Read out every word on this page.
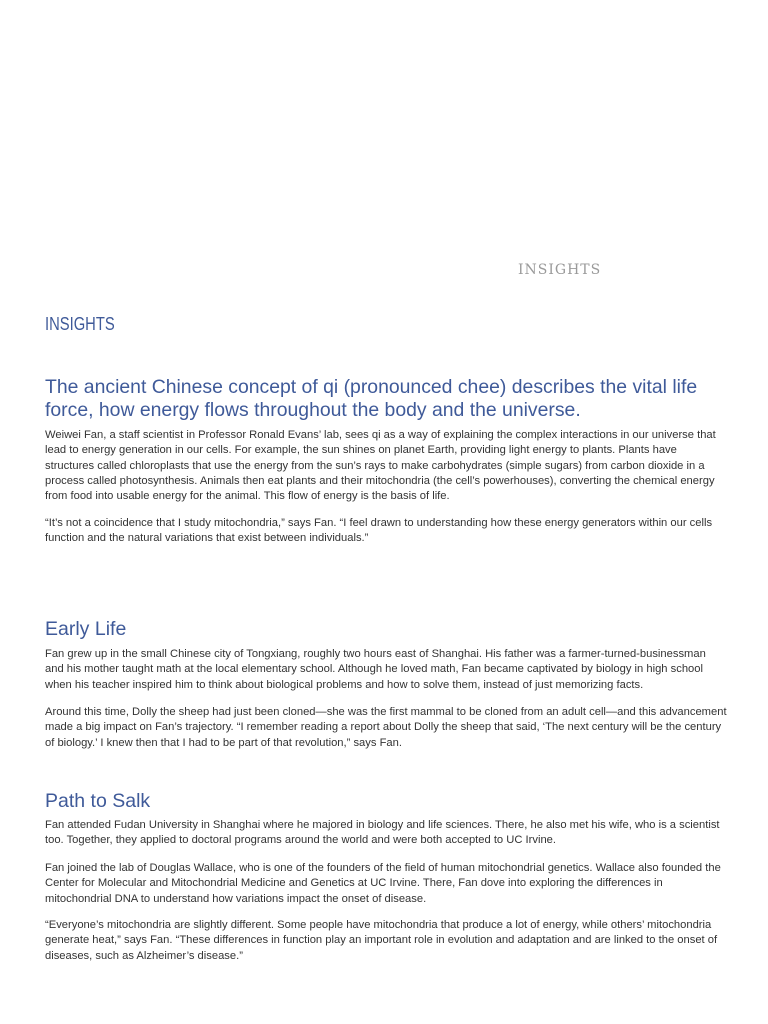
INSIGHTS
INSIGHTS
The ancient Chinese concept of qi (pronounced chee) describes the vital life force, how energy flows throughout the body and the universe.

Weiwei Fan, a staff scientist in Professor Ronald Evans’ lab, sees qi as a way of explaining the complex interactions in our universe that lead to energy generation in our cells. For example, the sun shines on planet Earth, providing light energy to plants. Plants have structures called chloroplasts that use the energy from the sun’s rays to make carbohydrates (simple sugars) from carbon dioxide in a process called photosynthesis. Animals then eat plants and their mitochondria (the cell’s powerhouses), converting the chemical energy from food into usable energy for the animal. This flow of energy is the basis of life.

“It’s not a coincidence that I study mitochondria,” says Fan. “I feel drawn to understanding how these energy generators within our cells function and the natural variations that exist between individuals.”

Early Life

Fan grew up in the small Chinese city of Tongxiang, roughly two hours east of Shanghai. His father was a farmer-turned-businessman and his mother taught math at the local elementary school. Although he loved math, Fan became captivated by biology in high school when his teacher inspired him to think about biological problems and how to solve them, instead of just memorizing facts.

Around this time, Dolly the sheep had just been cloned—she was the first mammal to be cloned from an adult cell—and this advancement made a big impact on Fan’s trajectory. “I remember reading a report about Dolly the sheep that said, ‘The next century will be the century of biology.’ I knew then that I had to be part of that revolution,” says Fan.

Path to Salk

Fan attended Fudan University in Shanghai where he majored in biology and life sciences. There, he also met his wife, who is a scientist too. Together, they applied to doctoral programs around the world and were both accepted to UC Irvine.

Fan joined the lab of Douglas Wallace, who is one of the founders of the field of human mitochondrial genetics. Wallace also founded the Center for Molecular and Mitochondrial Medicine and Genetics at UC Irvine. There, Fan dove into exploring the differences in mitochondrial DNA to understand how variations impact the onset of disease.

“Everyone’s mitochondria are slightly different. Some people have mitochondria that produce a lot of energy, while others’ mitochondria generate heat,” says Fan. “These differences in function play an important role in evolution and adaptation and are linked to the onset of diseases, such as Alzheimer’s disease.”
